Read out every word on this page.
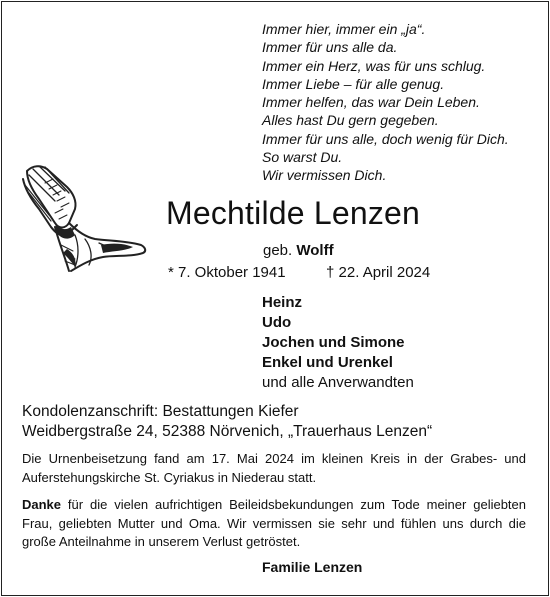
Immer hier, immer ein „ja“.
Immer für uns alle da.
Immer ein Herz, was für uns schlug.
Immer Liebe – für alle genug.
Immer helfen, das war Dein Leben.
Alles hast Du gern gegeben.
Immer für uns alle, doch wenig für Dich.
So warst Du.
Wir vermissen Dich.
Mechtilde Lenzen
geb. Wolff
* 7. Oktober 1941	† 22. April 2024
Heinz
Udo
Jochen und Simone
Enkel und Urenkel
und alle Anverwandten
Kondolenzanschrift: Bestattungen Kiefer
Weidbergstraße 24, 52388 Nörvenich, „Trauerhaus Lenzen“
Die Urnenbeisetzung fand am 17. Mai 2024 im kleinen Kreis in der Grabes- und Auferstehungskirche St. Cyriakus in Niederau statt.
Danke für die vielen aufrichtigen Beileidsbekundungen zum Tode meiner geliebten Frau, geliebten Mutter und Oma. Wir vermissen sie sehr und fühlen uns durch die große Anteilnahme in unserem Verlust getröstet.
Familie Lenzen
